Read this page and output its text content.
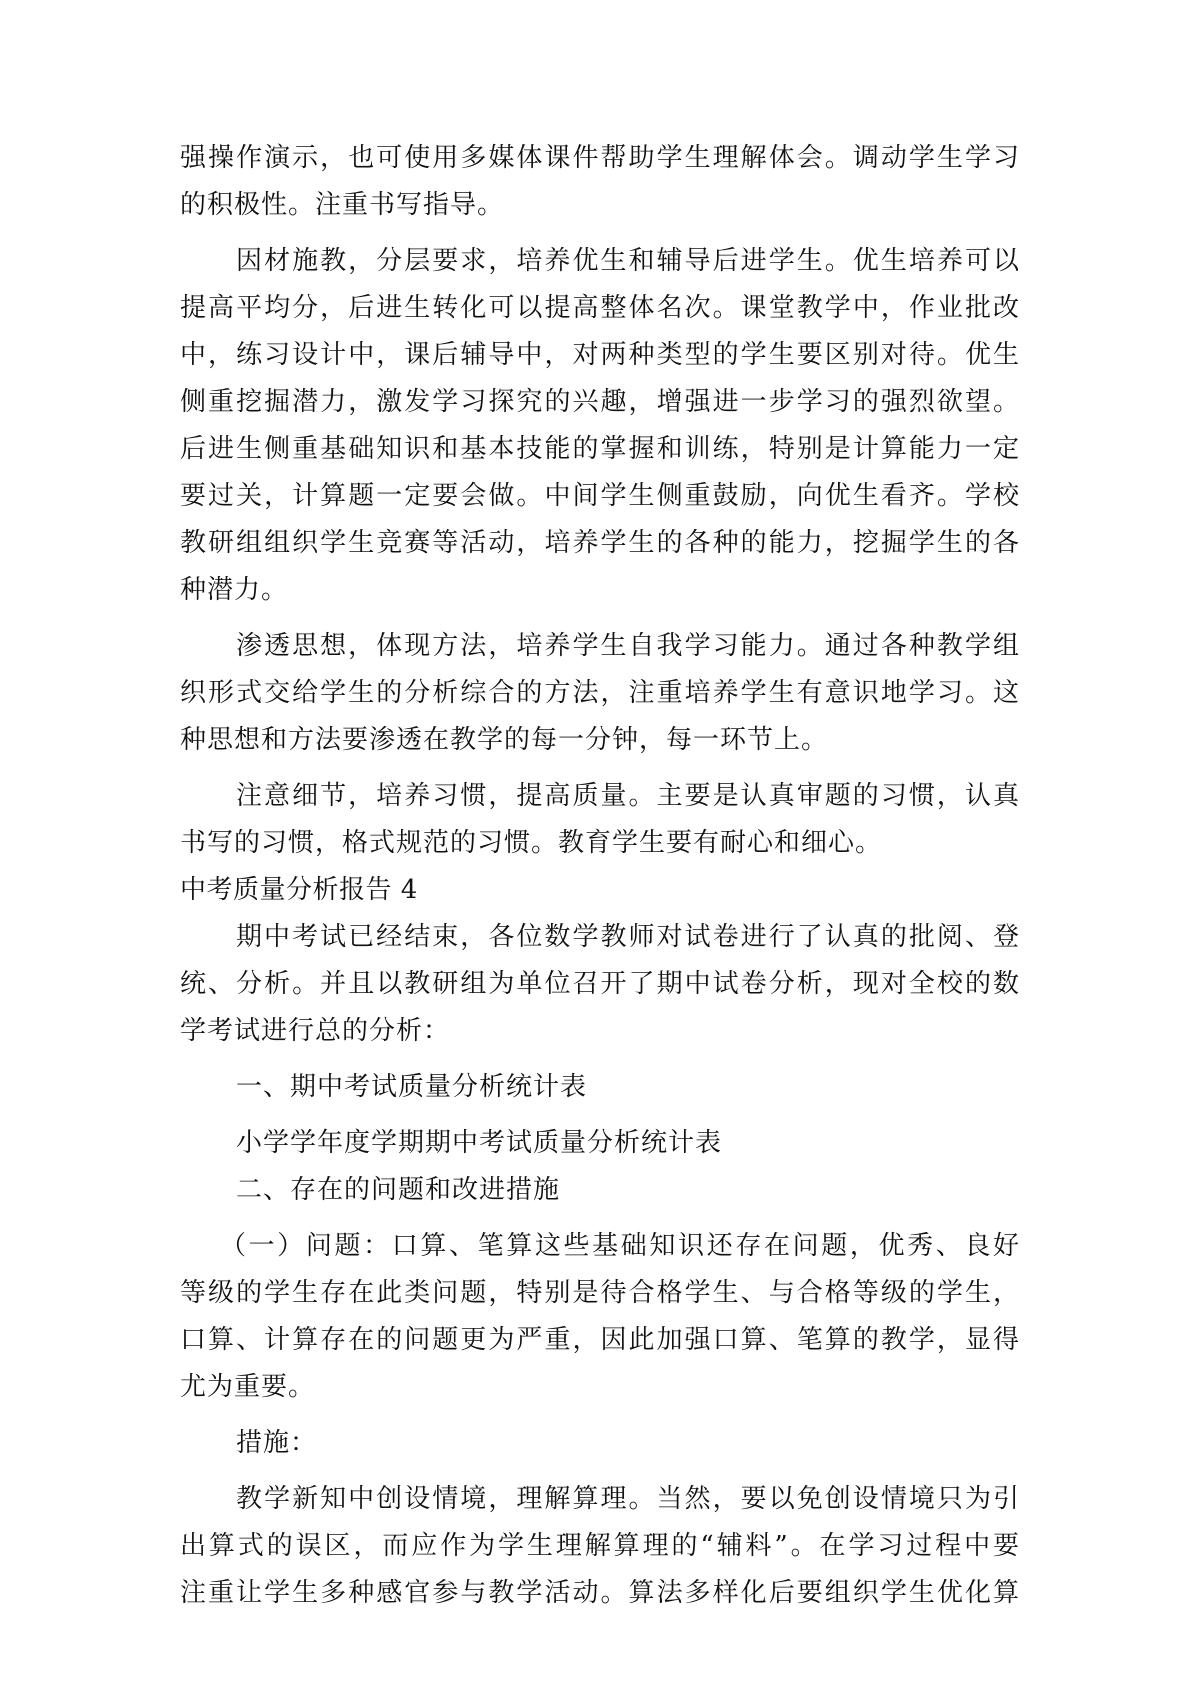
强操作演示，也可使用多媒体课件帮助学生理解体会。调动学生学习
的积极性。注重书写指导。
因材施教，分层要求，培养优生和辅导后进学生。优生培养可以
提高平均分，后进生转化可以提高整体名次。课堂教学中，作业批改
中，练习设计中，课后辅导中，对两种类型的学生要区别对待。优生
侧重挖掘潜力，激发学习探究的兴趣，增强进一步学习的强烈欲望。
后进生侧重基础知识和基本技能的掌握和训练，特别是计算能力一定
要过关，计算题一定要会做。中间学生侧重鼓励，向优生看齐。学校
教研组组织学生竞赛等活动，培养学生的各种的能力，挖掘学生的各
种潜力。
渗透思想，体现方法，培养学生自我学习能力。通过各种教学组
织形式交给学生的分析综合的方法，注重培养学生有意识地学习。这
种思想和方法要渗透在教学的每一分钟，每一环节上。
注意细节，培养习惯，提高质量。主要是认真审题的习惯，认真
书写的习惯，格式规范的习惯。教育学生要有耐心和细心。
中考质量分析报告 4
期中考试已经结束，各位数学教师对试卷进行了认真的批阅、登
统、分析。并且以教研组为单位召开了期中试卷分析，现对全校的数
学考试进行总的分析：
一、期中考试质量分析统计表
小学学年度学期期中考试质量分析统计表
二、存在的问题和改进措施
（一）问题：口算、笔算这些基础知识还存在问题，优秀、良好
等级的学生存在此类问题，特别是待合格学生、与合格等级的学生，
口算、计算存在的问题更为严重，因此加强口算、笔算的教学，显得
尤为重要。
措施：
教学新知中创设情境，理解算理。当然，要以免创设情境只为引
出算式的误区，而应作为学生理解算理的“辅料”。在学习过程中要
注重让学生多种感官参与教学活动。算法多样化后要组织学生优化算
